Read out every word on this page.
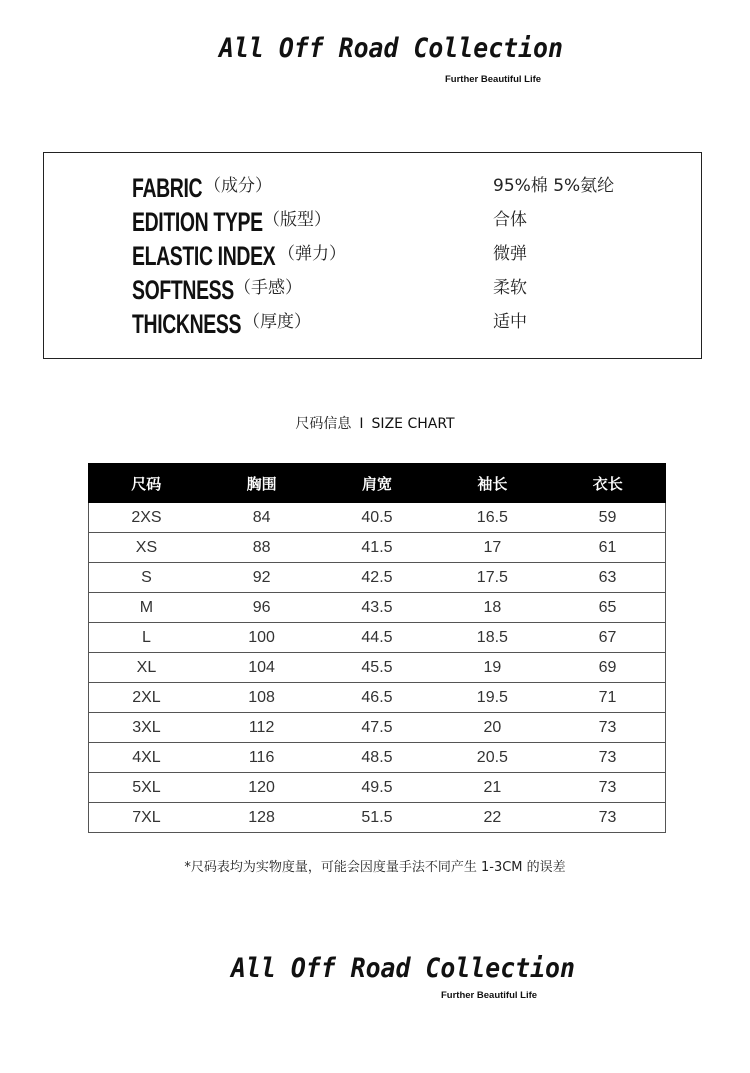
All Off Road Collection
Further Beautiful Life
FABRIC （成分）	95%棉 5%氨纶
EDITION TYPE （版型）	合体
ELASTIC INDEX （弹力）	微弹
SOFTNESS （手感）	柔软
THICKNESS （厚度）	适中
尺码信息 I SIZE CHART
尺码	胸围	肩宽	袖长	衣长
2XS	84	40.5	16.5	59
XS	88	41.5	17	61
S	92	42.5	17.5	63
M	96	43.5	18	65
L	100	44.5	18.5	67
XL	104	45.5	19	69
2XL	108	46.5	19.5	71
3XL	112	47.5	20	73
4XL	116	48.5	20.5	73
5XL	120	49.5	21	73
7XL	128	51.5	22	73
*尺码表均为实物度量，可能会因度量手法不同产生 1-3CM 的误差
All Off Road Collection
Further Beautiful Life
